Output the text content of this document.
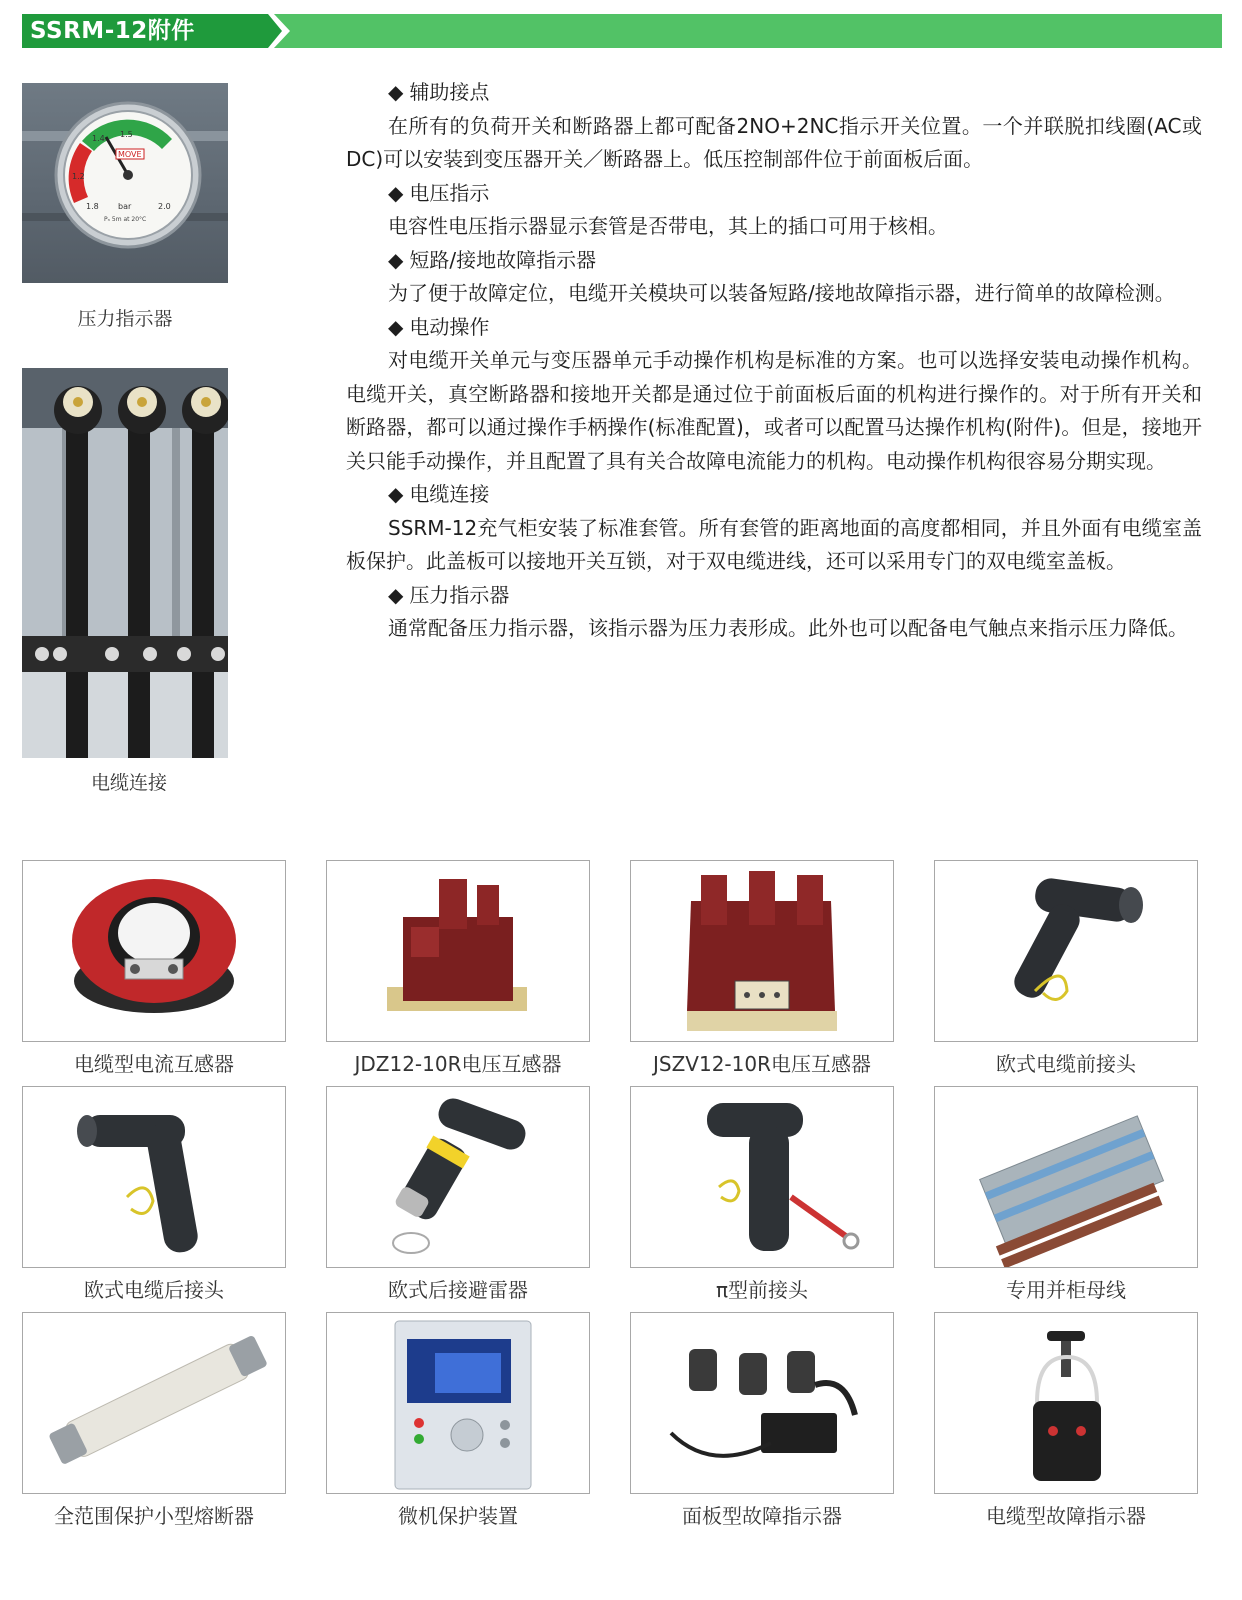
SSRM-12附件
1.2
1.4 1.5
1.8	2.0
bar
MOVE
Pₙ 5m at 20°C
压力指示器
电缆连接
◆ 辅助接点

在所有的负荷开关和断路器上都可配备2NO+2NC指示开关位置。一个并联脱扣线圈(AC或DC)可以安装到变压器开关／断路器上。低压控制部件位于前面板后面。

◆ 电压指示

电容性电压指示器显示套管是否带电，其上的插口可用于核相。

◆ 短路/接地故障指示器

为了便于故障定位，电缆开关模块可以装备短路/接地故障指示器，进行简单的故障检测。

◆ 电动操作

对电缆开关单元与变压器单元手动操作机构是标准的方案。也可以选择安装电动操作机构。电缆开关，真空断路器和接地开关都是通过位于前面板后面的机构进行操作的。对于所有开关和断路器，都可以通过操作手柄操作(标准配置)，或者可以配置马达操作机构(附件)。但是，接地开关只能手动操作，并且配置了具有关合故障电流能力的机构。电动操作机构很容易分期实现。

◆ 电缆连接

SSRM-12充气柜安装了标准套管。所有套管的距离地面的高度都相同，并且外面有电缆室盖板保护。此盖板可以接地开关互锁，对于双电缆进线，还可以采用专门的双电缆室盖板。

◆ 压力指示器

通常配备压力指示器，该指示器为压力表形成。此外也可以配备电气触点来指示压力降低。

电缆型电流互感器	JDZ12-10R电压互感器	JSZV12-10R电压互感器	欧式电缆前接头
欧式电缆后接头	欧式后接避雷器	π型前接头	专用并柜母线
全范围保护小型熔断器	微机保护装置	面板型故障指示器	电缆型故障指示器
